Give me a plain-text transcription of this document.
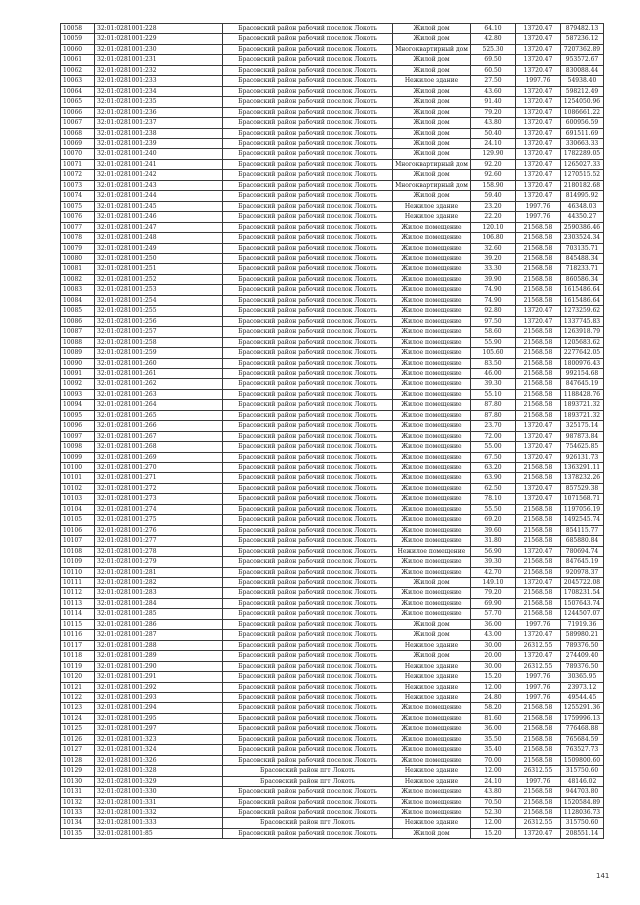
10058	32:01:0281001:228	Брасовский район рабочий поселок Локоть	Жилой дом	64.10	13720.47	879482.13
10059	32:01:0281001:229	Брасовский район рабочий поселок Локоть	Жилой дом	42.80	13720.47	587236.12
10060	32:01:0281001:230	Брасовский район рабочий поселок Локоть	Многоквартирный дом	525.30	13720.47	7207362.89
10061	32:01:0281001:231	Брасовский район рабочий поселок Локоть	Жилой дом	69.50	13720.47	953572.67
10062	32:01:0281001:232	Брасовский район рабочий поселок Локоть	Жилой дом	60.50	13720.47	830088.44
10063	32:01:0281001:233	Брасовский район рабочий поселок Локоть	Нежилое здание	27.50	1997.76	54938.40
10064	32:01:0281001:234	Брасовский район рабочий поселок Локоть	Жилой дом	43.60	13720.47	598212.49
10065	32:01:0281001:235	Брасовский район рабочий поселок Локоть	Жилой дом	91.40	13720.47	1254050.96
10066	32:01:0281001:236	Брасовский район рабочий поселок Локоть	Жилой дом	79.20	13720.47	1086661.22
10067	32:01:0281001:237	Брасовский район рабочий поселок Локоть	Жилой дом	43.80	13720.47	600956.59
10068	32:01:0281001:238	Брасовский район рабочий поселок Локоть	Жилой дом	50.40	13720.47	691511.69
10069	32:01:0281001:239	Брасовский район рабочий поселок Локоть	Жилой дом	24.10	13720.47	330663.33
10070	32:01:0281001:240	Брасовский район рабочий поселок Локоть	Жилой дом	129.90	13720.47	1782289.05
10071	32:01:0281001:241	Брасовский район рабочий поселок Локоть	Многоквартирный дом	92.20	13720.47	1265027.33
10072	32:01:0281001:242	Брасовский район рабочий поселок Локоть	Жилой дом	92.60	13720.47	1270515.52
10073	32:01:0281001:243	Брасовский район рабочий поселок Локоть	Многоквартирный дом	158.90	13720.47	2180182.68
10074	32:01:0281001:244	Брасовский район рабочий поселок Локоть	Жилой дом	59.40	13720.47	814995.92
10075	32:01:0281001:245	Брасовский район рабочий поселок Локоть	Нежилое здание	23.20	1997.76	46348.03
10076	32:01:0281001:246	Брасовский район рабочий поселок Локоть	Нежилое здание	22.20	1997.76	44350.27
10077	32:01:0281001:247	Брасовский район рабочий поселок Локоть	Жилое помещение	120.10	21568.58	2590386.46
10078	32:01:0281001:248	Брасовский район рабочий поселок Локоть	Жилое помещение	106.80	21568.58	2303524.34
10079	32:01:0281001:249	Брасовский район рабочий поселок Локоть	Жилое помещение	32.60	21568.58	703135.71
10080	32:01:0281001:250	Брасовский район рабочий поселок Локоть	Жилое помещение	39.20	21568.58	845488.34
10081	32:01:0281001:251	Брасовский район рабочий поселок Локоть	Жилое помещение	33.30	21568.58	718233.71
10082	32:01:0281001:252	Брасовский район рабочий поселок Локоть	Жилое помещение	39.90	21568.58	860586.34
10083	32:01:0281001:253	Брасовский район рабочий поселок Локоть	Жилое помещение	74.90	21568.58	1615486.64
10084	32:01:0281001:254	Брасовский район рабочий поселок Локоть	Жилое помещение	74.90	21568.58	1615486.64
10085	32:01:0281001:255	Брасовский район рабочий поселок Локоть	Жилое помещение	92.80	13720.47	1273259.62
10086	32:01:0281001:256	Брасовский район рабочий поселок Локоть	Жилое помещение	97.50	13720.47	1337745.83
10087	32:01:0281001:257	Брасовский район рабочий поселок Локоть	Жилое помещение	58.60	21568.58	1263918.79
10088	32:01:0281001:258	Брасовский район рабочий поселок Локоть	Жилое помещение	55.90	21568.58	1205683.62
10089	32:01:0281001:259	Брасовский район рабочий поселок Локоть	Жилое помещение	105.60	21568.58	2277642.05
10090	32:01:0281001:260	Брасовский район рабочий поселок Локоть	Жилое помещение	83.50	21568.58	1800976.43
10091	32:01:0281001:261	Брасовский район рабочий поселок Локоть	Жилое помещение	46.00	21568.58	992154.68
10092	32:01:0281001:262	Брасовский район рабочий поселок Локоть	Жилое помещение	39.30	21568.58	847645.19
10093	32:01:0281001:263	Брасовский район рабочий поселок Локоть	Жилое помещение	55.10	21568.58	1188428.76
10094	32:01:0281001:264	Брасовский район рабочий поселок Локоть	Жилое помещение	87.80	21568.58	1893721.32
10095	32:01:0281001:265	Брасовский район рабочий поселок Локоть	Жилое помещение	87.80	21568.58	1893721.32
10096	32:01:0281001:266	Брасовский район рабочий поселок Локоть	Жилое помещение	23.70	13720.47	325175.14
10097	32:01:0281001:267	Брасовский район рабочий поселок Локоть	Жилое помещение	72.00	13720.47	987873.84
10098	32:01:0281001:268	Брасовский район рабочий поселок Локоть	Жилое помещение	55.00	13720.47	754625.85
10099	32:01:0281001:269	Брасовский район рабочий поселок Локоть	Жилое помещение	67.50	13720.47	926131.73
10100	32:01:0281001:270	Брасовский район рабочий поселок Локоть	Жилое помещение	63.20	21568.58	1363291.11
10101	32:01:0281001:271	Брасовский район рабочий поселок Локоть	Жилое помещение	63.90	21568.58	1378232.26
10102	32:01:0281001:272	Брасовский район рабочий поселок Локоть	Жилое помещение	62.50	13720.47	857529.38
10103	32:01:0281001:273	Брасовский район рабочий поселок Локоть	Жилое помещение	78.10	13720.47	1071568.71
10104	32:01:0281001:274	Брасовский район рабочий поселок Локоть	Жилое помещение	55.50	21568.58	1197056.19
10105	32:01:0281001:275	Брасовский район рабочий поселок Локоть	Жилое помещение	69.20	21568.58	1492545.74
10106	32:01:0281001:276	Брасовский район рабочий поселок Локоть	Жилое помещение	39.60	21568.58	854115.77
10107	32:01:0281001:277	Брасовский район рабочий поселок Локоть	Жилое помещение	31.80	21568.58	685880.84
10108	32:01:0281001:278	Брасовский район рабочий поселок Локоть	Нежилое помещение	56.90	13720.47	780694.74
10109	32:01:0281001:279	Брасовский район рабочий поселок Локоть	Жилое помещение	39.30	21568.58	847645.19
10110	32:01:0281001:281	Брасовский район рабочий поселок Локоть	Жилое помещение	42.70	21568.58	920978.37
10111	32:01:0281001:282	Брасовский район рабочий поселок Локоть	Жилой дом	149.10	13720.47	2045722.08
10112	32:01:0281001:283	Брасовский район рабочий поселок Локоть	Жилое помещение	79.20	21568.58	1708231.54
10113	32:01:0281001:284	Брасовский район рабочий поселок Локоть	Жилое помещение	69.90	21568.58	1507643.74
10114	32:01:0281001:285	Брасовский район рабочий поселок Локоть	Жилое помещение	57.70	21568.58	1244507.07
10115	32:01:0281001:286	Брасовский район рабочий поселок Локоть	Жилой дом	36.00	1997.76	71919.36
10116	32:01:0281001:287	Брасовский район рабочий поселок Локоть	Жилой дом	43.00	13720.47	589980.21
10117	32:01:0281001:288	Брасовский район рабочий поселок Локоть	Нежилое здание	30.00	26312.55	789376.50
10118	32:01:0281001:289	Брасовский район рабочий поселок Локоть	Жилой дом	20.00	13720.47	274409.40
10119	32:01:0281001:290	Брасовский район рабочий поселок Локоть	Нежилое здание	30.00	26312.55	789376.50
10120	32:01:0281001:291	Брасовский район рабочий поселок Локоть	Нежилое здание	15.20	1997.76	30365.95
10121	32:01:0281001:292	Брасовский район рабочий поселок Локоть	Нежилое здание	12.00	1997.76	23973.12
10122	32:01:0281001:293	Брасовский район рабочий поселок Локоть	Нежилое здание	24.80	1997.76	49544.45
10123	32:01:0281001:294	Брасовский район рабочий поселок Локоть	Жилое помещение	58.20	21568.58	1255291.36
10124	32:01:0281001:295	Брасовский район рабочий поселок Локоть	Жилое помещение	81.60	21568.58	1759996.13
10125	32:01:0281001:297	Брасовский район рабочий поселок Локоть	Жилое помещение	36.00	21568.58	776468.88
10126	32:01:0281001:323	Брасовский район рабочий поселок Локоть	Жилое помещение	35.50	21568.58	765684.59
10127	32:01:0281001:324	Брасовский район рабочий поселок Локоть	Жилое помещение	35.40	21568.58	763527.73
10128	32:01:0281001:326	Брасовский район рабочий поселок Локоть	Жилое помещение	70.00	21568.58	1509800.60
10129	32:01:0281001:328	Брасовский район пгт Локоть	Нежилое здание	12.00	26312.55	315750.60
10130	32:01:0281001:329	Брасовский район пгт Локоть	Нежилое здание	24.10	1997.76	48146.02
10131	32:01:0281001:330	Брасовский район рабочий поселок Локоть	Жилое помещение	43.80	21568.58	944703.80
10132	32:01:0281001:331	Брасовский район рабочий поселок Локоть	Жилое помещение	70.50	21568.58	1520584.89
10133	32:01:0281001:332	Брасовский район рабочий поселок Локоть	Жилое помещение	52.30	21568.58	1128036.73
10134	32:01:0281001:333	Брасовский район пгт Локоть	Нежилое здание	12.00	26312.55	315750.60
10135	32:01:0281001:85	Брасовский район рабочий поселок Локоть	Жилой дом	15.20	13720.47	208551.14
141
